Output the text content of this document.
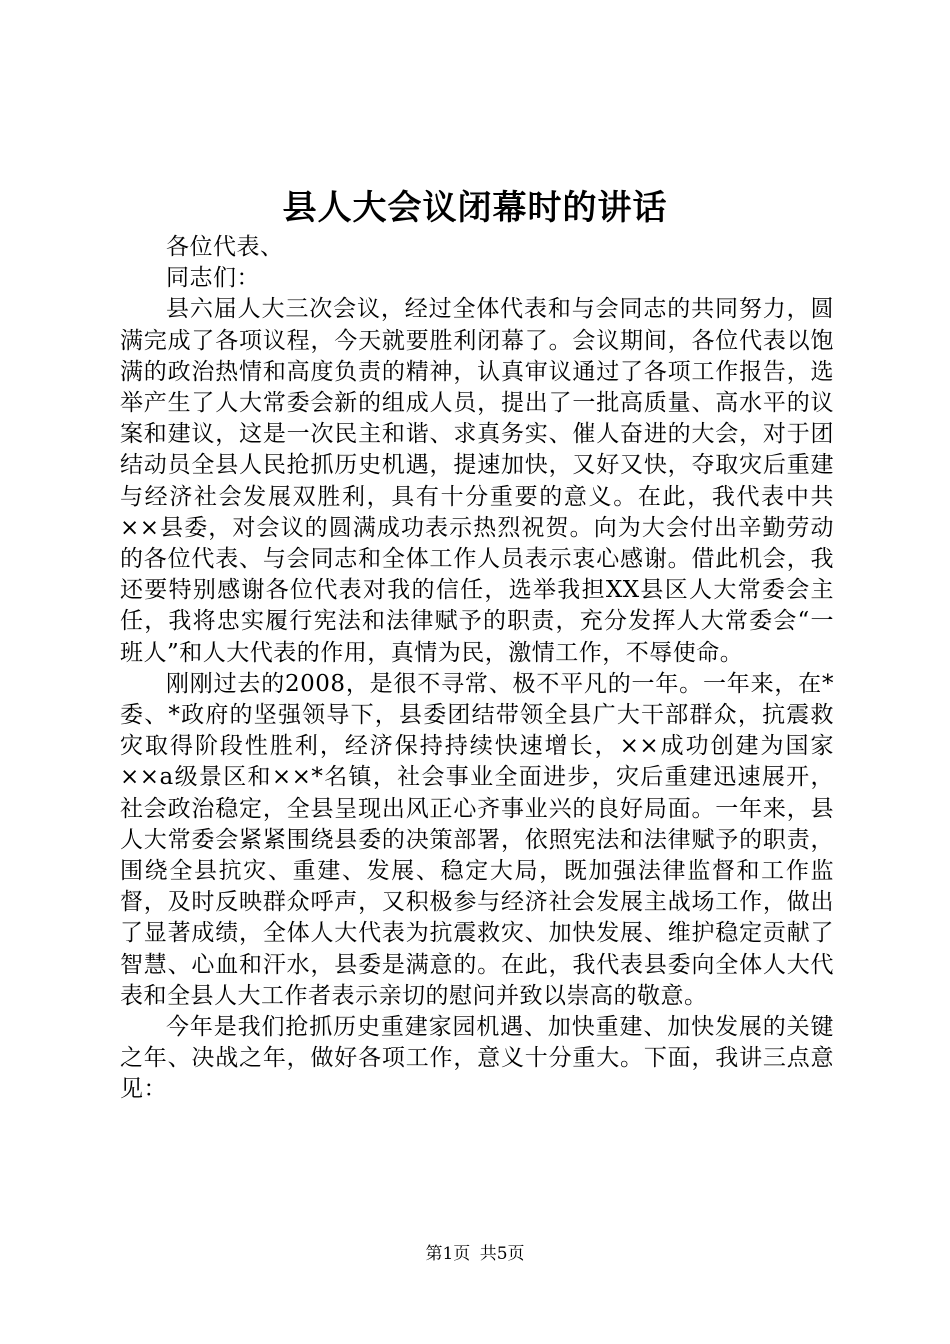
县人大会议闭幕时的讲话

各位代表、

同志们：

县六届人大三次会议，经过全体代表和与会同志的共同努力，圆满完成了各项议程，今天就要胜利闭幕了。会议期间，各位代表以饱满的政治热情和高度负责的精神，认真审议通过了各项工作报告，选举产生了人大常委会新的组成人员，提出了一批高质量、高水平的议案和建议，这是一次民主和谐、求真务实、催人奋进的大会，对于团结动员全县人民抢抓历史机遇，提速加快，又好又快，夺取灾后重建与经济社会发展双胜利，具有十分重要的意义。在此，我代表中共××县委，对会议的圆满成功表示热烈祝贺。向为大会付出辛勤劳动的各位代表、与会同志和全体工作人员表示衷心感谢。借此机会，我还要特别感谢各位代表对我的信任，选举我担XX县区人大常委会主任，我将忠实履行宪法和法律赋予的职责，充分发挥人大常委会“一班人”和人大代表的作用，真情为民，激情工作，不辱使命。

刚刚过去的2008，是很不寻常、极不平凡的一年。一年来，在*委、*政府的坚强领导下，县委团结带领全县广大干部群众，抗震救灾取得阶段性胜利，经济保持持续快速增长，××成功创建为国家××a级景区和××*名镇，社会事业全面进步，灾后重建迅速展开，社会政治稳定，全县呈现出风正心齐事业兴的良好局面。一年来，县人大常委会紧紧围绕县委的决策部署，依照宪法和法律赋予的职责，围绕全县抗灾、重建、发展、稳定大局，既加强法律监督和工作监督，及时反映群众呼声，又积极参与经济社会发展主战场工作，做出了显著成绩，全体人大代表为抗震救灾、加快发展、维护稳定贡献了智慧、心血和汗水，县委是满意的。在此，我代表县委向全体人大代表和全县人大工作者表示亲切的慰问并致以崇高的敬意。

今年是我们抢抓历史重建家园机遇、加快重建、加快发展的关键之年、决战之年，做好各项工作，意义十分重大。下面，我讲三点意见：

第1页 共5页
